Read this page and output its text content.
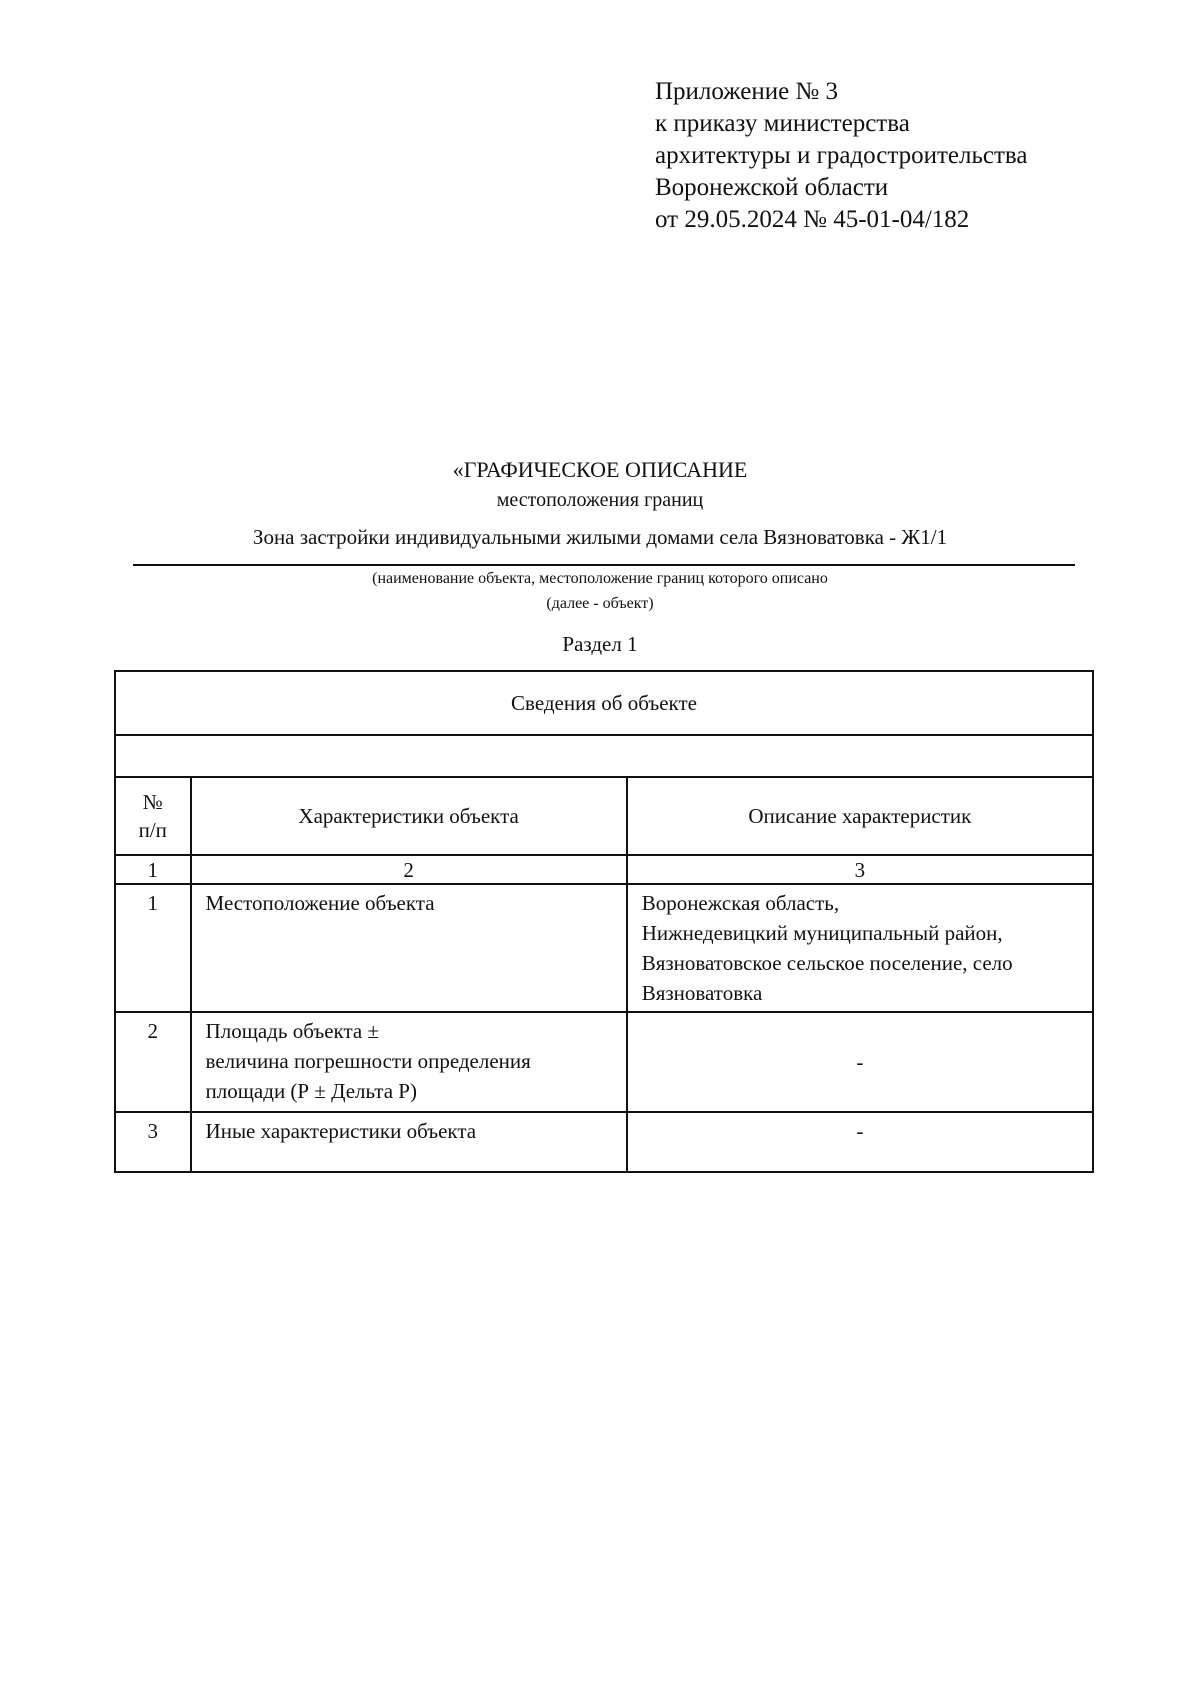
Приложение № 3
к приказу министерства
архитектуры и градостроительства
Воронежской области
от 29.05.2024 № 45-01-04/182
«ГРАФИЧЕСКОЕ ОПИСАНИЕ
местоположения границ
Зона застройки индивидуальными жилыми домами села Вязноватовка - Ж1/1
(наименование объекта, местоположение границ которого описано
(далее - объект)
Раздел 1
Сведения об объекте		

№
п/п	Характеристики объекта	Описание характеристик
1	2	3
1	Местоположение объекта	Воронежская область,
Нижнедевицкий муниципальный район,
Вязноватовское сельское поселение, село
Вязноватовка

2	Площадь объекта ±
величина погрешности определения
площади (Р ± Дельта Р)	-
3	Иные характеристики объекта	-
